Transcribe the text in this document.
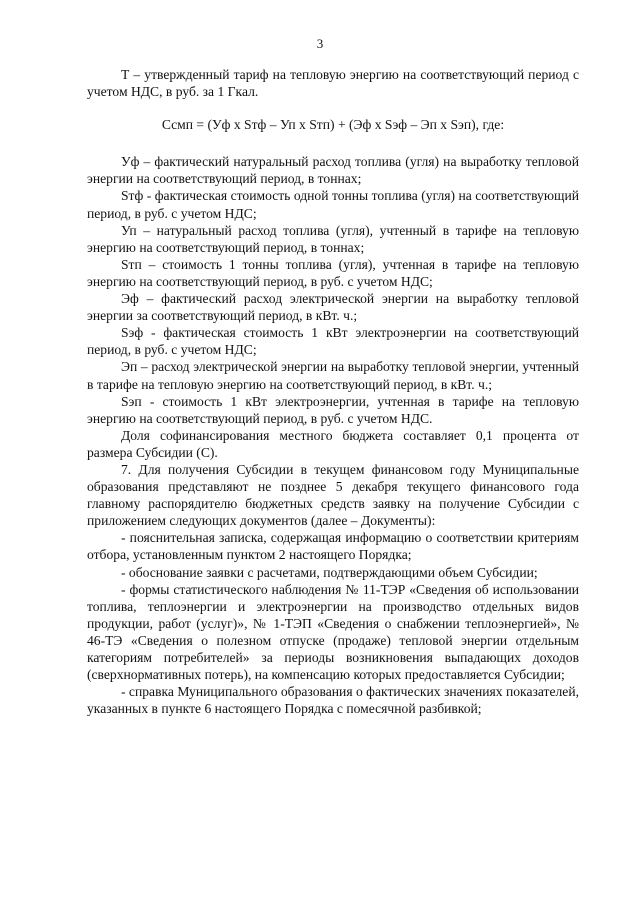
3

Т – утвержденный тариф на тепловую энергию на соответствующий период с учетом НДС, в руб. за 1 Гкал.

Ссмп = (Уф х Sтф – Уп х Sтп) + (Эф х Sэф – Эп х Sэп), где:

Уф – фактический натуральный расход топлива (угля) на выработку тепловой энергии на соответствующий период, в тоннах;

Sтф - фактическая стоимость одной тонны топлива (угля) на соответствующий период, в руб. с учетом НДС;

Уп – натуральный расход топлива (угля), учтенный в тарифе на тепловую энергию на соответствующий период, в тоннах;

Sтп – стоимость 1 тонны топлива (угля), учтенная в тарифе на тепловую энергию на соответствующий период, в руб. с учетом НДС;

Эф – фактический расход электрической энергии на выработку тепловой энергии за соответствующий период, в кВт. ч.;

Sэф - фактическая стоимость 1 кВт электроэнергии на соответствующий период, в руб. с учетом НДС;

Эп – расход электрической энергии на выработку тепловой энергии, учтенный в тарифе на тепловую энергию на соответствующий период, в кВт. ч.;

Sэп - стоимость 1 кВт электроэнергии, учтенная в тарифе на тепловую энергию на соответствующий период, в руб. с учетом НДС.

Доля софинансирования местного бюджета составляет 0,1 процента от размера Субсидии (С).

7. Для получения Субсидии в текущем финансовом году Муниципальные образования представляют не позднее 5 декабря текущего финансового года главному распорядителю бюджетных средств заявку на получение Субсидии с приложением следующих документов (далее – Документы):

- пояснительная записка, содержащая информацию о соответствии критериям отбора, установленным пунктом 2 настоящего Порядка;

- обоснование заявки с расчетами, подтверждающими объем Субсидии;

- формы статистического наблюдения № 11-ТЭР «Сведения об использовании топлива, теплоэнергии и электроэнергии на производство отдельных видов продукции, работ (услуг)», № 1-ТЭП «Сведения о снабжении теплоэнергией», № 46-ТЭ «Сведения о полезном отпуске (продаже) тепловой энергии отдельным категориям потребителей» за периоды возникновения выпадающих доходов (сверхнормативных потерь), на компенсацию которых предоставляется Субсидии;

- справка Муниципального образования о фактических значениях показателей, указанных в пункте 6 настоящего Порядка с помесячной разбивкой;
